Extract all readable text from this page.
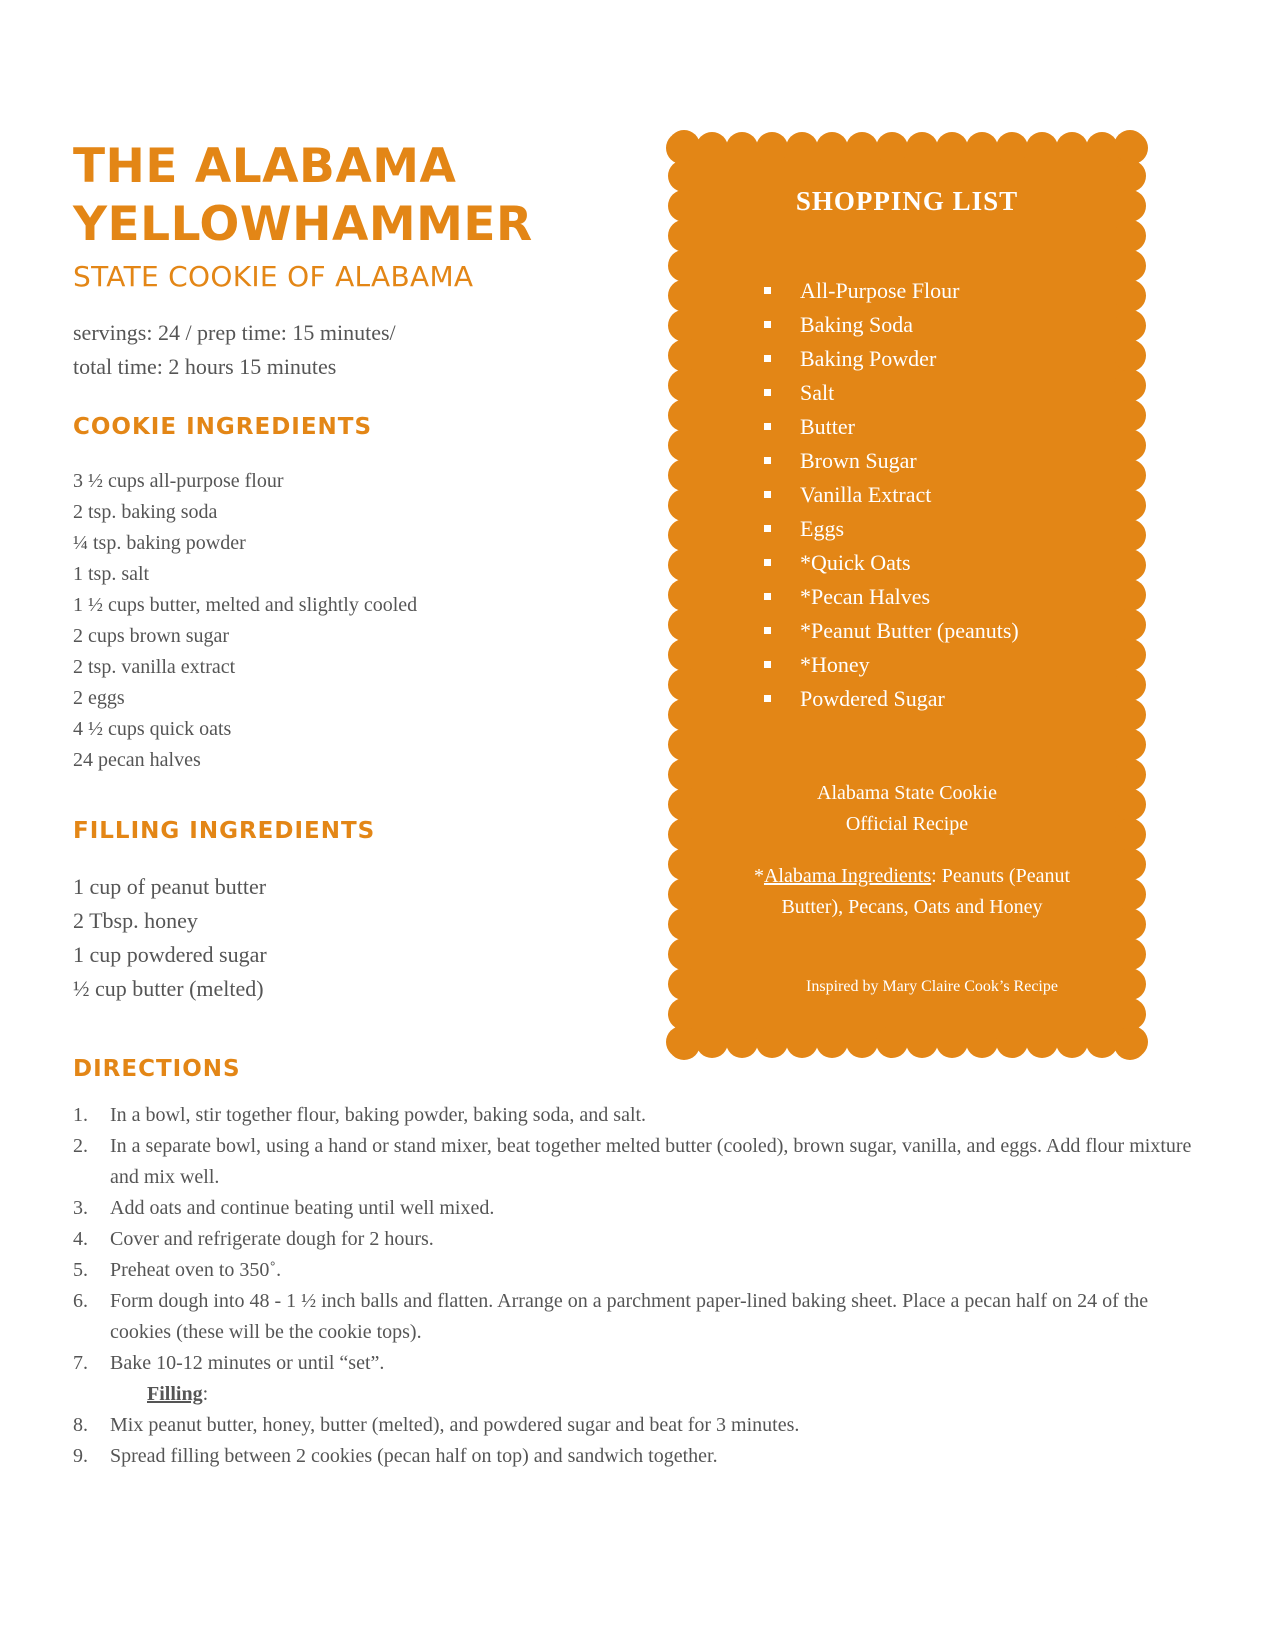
THE ALABAMA
YELLOWHAMMER
STATE COOKIE OF ALABAMA
servings: 24 / prep time: 15 minutes/
total time: 2 hours 15 minutes
COOKIE INGREDIENTS
3 ½ cups all-purpose flour
2 tsp. baking soda
¼ tsp. baking powder
1 tsp. salt
1 ½ cups butter, melted and slightly cooled
2 cups brown sugar
2 tsp. vanilla extract
2 eggs
4 ½ cups quick oats
24 pecan halves
FILLING INGREDIENTS
1 cup of peanut butter
2 Tbsp. honey
1 cup powdered sugar
½ cup butter (melted)
SHOPPING LIST
All-Purpose Flour
Baking Soda
Baking Powder
Salt
Butter
Brown Sugar
Vanilla Extract
Eggs
*Quick Oats
*Pecan Halves
*Peanut Butter (peanuts)
*Honey
Powdered Sugar
Alabama State Cookie
Official Recipe
*Alabama Ingredients: Peanuts (Peanut Butter), Pecans, Oats and Honey
Inspired by Mary Claire Cook’s Recipe
DIRECTIONS
1. In a bowl, stir together flour, baking powder, baking soda, and salt.
2. In a separate bowl, using a hand or stand mixer, beat together melted butter (cooled), brown sugar, vanilla, and eggs. Add flour mixture and mix well.
3. Add oats and continue beating until well mixed.
4. Cover and refrigerate dough for 2 hours.
5. Preheat oven to 350˚.
6. Form dough into 48 - 1 ½ inch balls and flatten. Arrange on a parchment paper-lined baking sheet. Place a pecan half on 24 of the cookies (these will be the cookie tops).
7. Bake 10-12 minutes or until “set”.
Filling:
8. Mix peanut butter, honey, butter (melted), and powdered sugar and beat for 3 minutes.
9. Spread filling between 2 cookies (pecan half on top) and sandwich together.
